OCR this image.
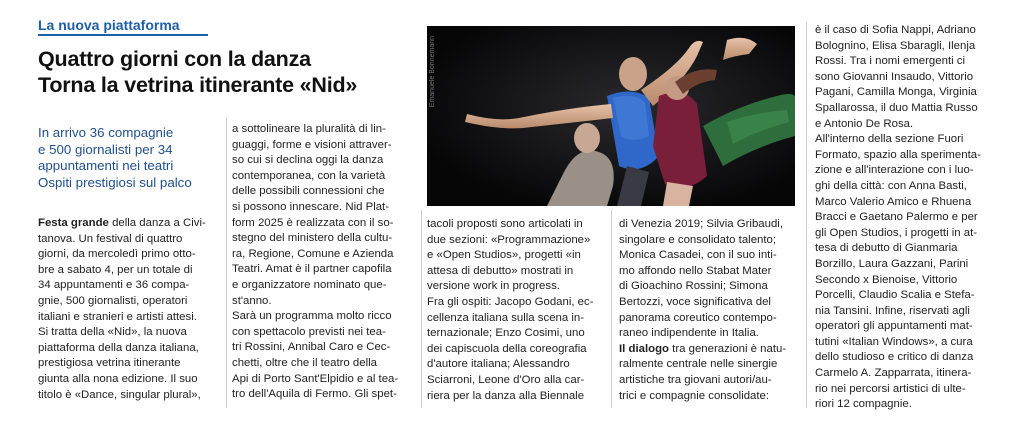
La nuova piattaforma
Quattro giorni con la danza
Torna la vetrina itinerante «Nid»
In arrivo 36 compagnie
e 500 giornalisti per 34
appuntamenti nei teatri
Ospiti prestigiosi sul palco
Emanuele Bonnemann
Festa grande della danza a Civi-
tanova. Un festival di quattro
giorni, da mercoledì primo otto-
bre a sabato 4, per un totale di
34 appuntamenti e 36 compa-
gnie, 500 giornalisti, operatori
italiani e stranieri e artisti attesi.
Si tratta della «Nid», la nuova
piattaforma della danza italiana,
prestigiosa vetrina itinerante
giunta alla nona edizione. Il suo
titolo è «Dance, singular plural»,
a sottolineare la pluralità di lin-
guaggi, forme e visioni attraver-
so cui si declina oggi la danza
contemporanea, con la varietà
delle possibili connessioni che
si possono innescare. Nid Plat-
form 2025 è realizzata con il so-
stegno del ministero della cultu-
ra, Regione, Comune e Azienda
Teatri. Amat è il partner capofila
e organizzatore nominato que-
st'anno.
Sarà un programma molto ricco
con spettacolo previsti nei tea-
tri Rossini, Annibal Caro e Cec-
chetti, oltre che il teatro della
Api di Porto Sant'Elpidio e al tea-
tro dell'Aquila di Fermo. Gli spet-
tacoli proposti sono articolati in
due sezioni: «Programmazione»
e «Open Studios», progetti «in
attesa di debutto» mostrati in
versione work in progress.
Fra gli ospiti: Jacopo Godani, ec-
cellenza italiana sulla scena in-
ternazionale; Enzo Cosimi, uno
dei capiscuola della coreografia
d'autore italiana; Alessandro
Sciarroni, Leone d'Oro alla car-
riera per la danza alla Biennale
di Venezia 2019; Silvia Gribaudi,
singolare e consolidato talento;
Monica Casadei, con il suo inti-
mo affondo nello Stabat Mater
di Gioachino Rossini; Simona
Bertozzi, voce significativa del
panorama coreutico contempo-
raneo indipendente in Italia.
Il dialogo tra generazioni è natu-
ralmente centrale nelle sinergie
artistiche tra giovani autori/au-
trici e compagnie consolidate:
è il caso di Sofia Nappi, Adriano
Bolognino, Elisa Sbaragli, Ilenja
Rossi. Tra i nomi emergenti ci
sono Giovanni Insaudo, Vittorio
Pagani, Camilla Monga, Virginia
Spallarossa, il duo Mattia Russo
e Antonio De Rosa.
All'interno della sezione Fuori
Formato, spazio alla sperimenta-
zione e all'interazione con i luo-
ghi della città: con Anna Basti,
Marco Valerio Amico e Rhuena
Bracci e Gaetano Palermo e per
gli Open Studios, i progetti in at-
tesa di debutto di Gianmaria
Borzillo, Laura Gazzani, Parini
Secondo x Bienoise, Vittorio
Porcelli, Claudio Scalia e Stefa-
nia Tansini. Infine, riservati agli
operatori gli appuntamenti mat-
tutini «Italian Windows», a cura
dello studioso e critico di danza
Carmelo A. Zapparrata, itinera-
rio nei percorsi artistici di ulte-
riori 12 compagnie.
